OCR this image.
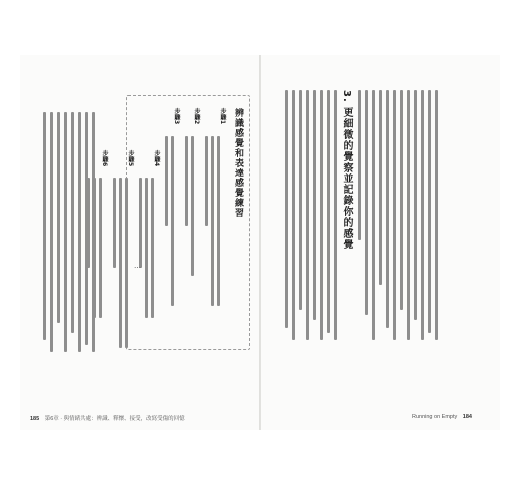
3. 更細微的覺察並記錄你的感覺
辨識感覺和表達感覺練習
步驟1
步驟2
步驟3
步驟4
步驟5
步驟6
…
185 第6章 · 與情緒共處：辨識、釋懷、接受，改寫受傷的回憶	Running on Empty 184
